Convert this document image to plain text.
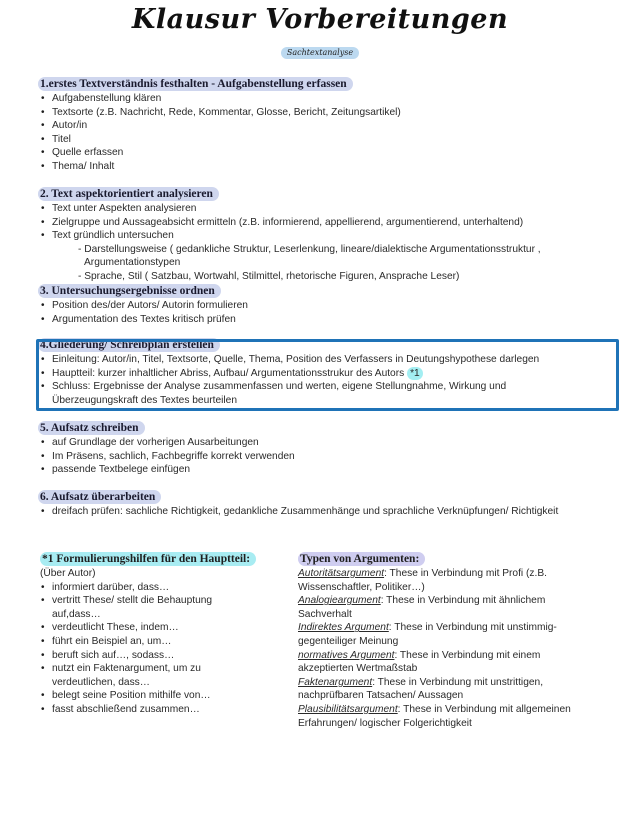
Klausur Vorbereitungen
Sachtextanalyse
1.erstes Textverständnis festhalten - Aufgabenstellung erfassen
• Aufgabenstellung klären
• Textsorte (z.B. Nachricht, Rede, Kommentar, Glosse, Bericht, Zeitungsartikel)
• Autor/in
• Titel
• Quelle erfassen
• Thema/ Inhalt
2. Text aspektorientiert analysieren
• Text unter Aspekten analysieren
• Zielgruppe und Aussageabsicht ermitteln (z.B. informierend, appellierend, argumentierend, unterhaltend)
• Text gründlich untersuchen
- Darstellungsweise ( gedankliche Struktur, Leserlenkung, lineare/dialektische Argumentationsstruktur ,
Argumentationstypen
- Sprache, Stil ( Satzbau, Wortwahl, Stilmittel, rhetorische Figuren, Ansprache Leser)
3. Untersuchungsergebnisse ordnen
• Position des/der Autors/ Autorin formulieren
• Argumentation des Textes kritisch prüfen
4.Gliederung/ Schreibplan erstellen
• Einleitung: Autor/in, Titel, Textsorte, Quelle, Thema, Position des Verfassers in Deutungshypothese darlegen
• Hauptteil: kurzer inhaltlicher Abriss, Aufbau/ Argumentationsstrukur des Autors *1
• Schluss: Ergebnisse der Analyse zusammenfassen und werten, eigene Stellungnahme, Wirkung und
Überzeugungskraft des Textes beurteilen
5. Aufsatz schreiben
• auf Grundlage der vorherigen Ausarbeitungen
• Im Präsens, sachlich, Fachbegriffe korrekt verwenden
• passende Textbelege einfügen
6. Aufsatz überarbeiten
• dreifach prüfen: sachliche Richtigkeit, gedankliche Zusammenhänge und sprachliche Verknüpfungen/ Richtigkeit
*1 Formulierungshilfen für den Hauptteil:
(Über Autor)
• informiert darüber, dass…
• vertritt These/ stellt die Behauptung
auf,dass…
• verdeutlicht These, indem…
• führt ein Beispiel an, um…
• beruft sich auf…, sodass…
• nutzt ein Faktenargument, um zu
verdeutlichen, dass…
• belegt seine Position mithilfe von…
• fasst abschließend zusammen…
Typen von Argumenten:
Autoritätsargument: These in Verbindung mit Profi (z.B.
Wissenschaftler, Politiker…)
Analogieargument: These in Verbindung mit ähnlichem
Sachverhalt
Indirektes Argument: These in Verbindung mit unstimmig-
gegenteiliger Meinung
normatives Argument: These in Verbindung mit einem
akzeptierten Wertmaßstab
Faktenargument: These in Verbindung mit unstrittigen,
nachprüfbaren Tatsachen/ Aussagen
Plausibilitätsargument: These in Verbindung mit allgemeinen
Erfahrungen/ logischer Folgerichtigkeit
